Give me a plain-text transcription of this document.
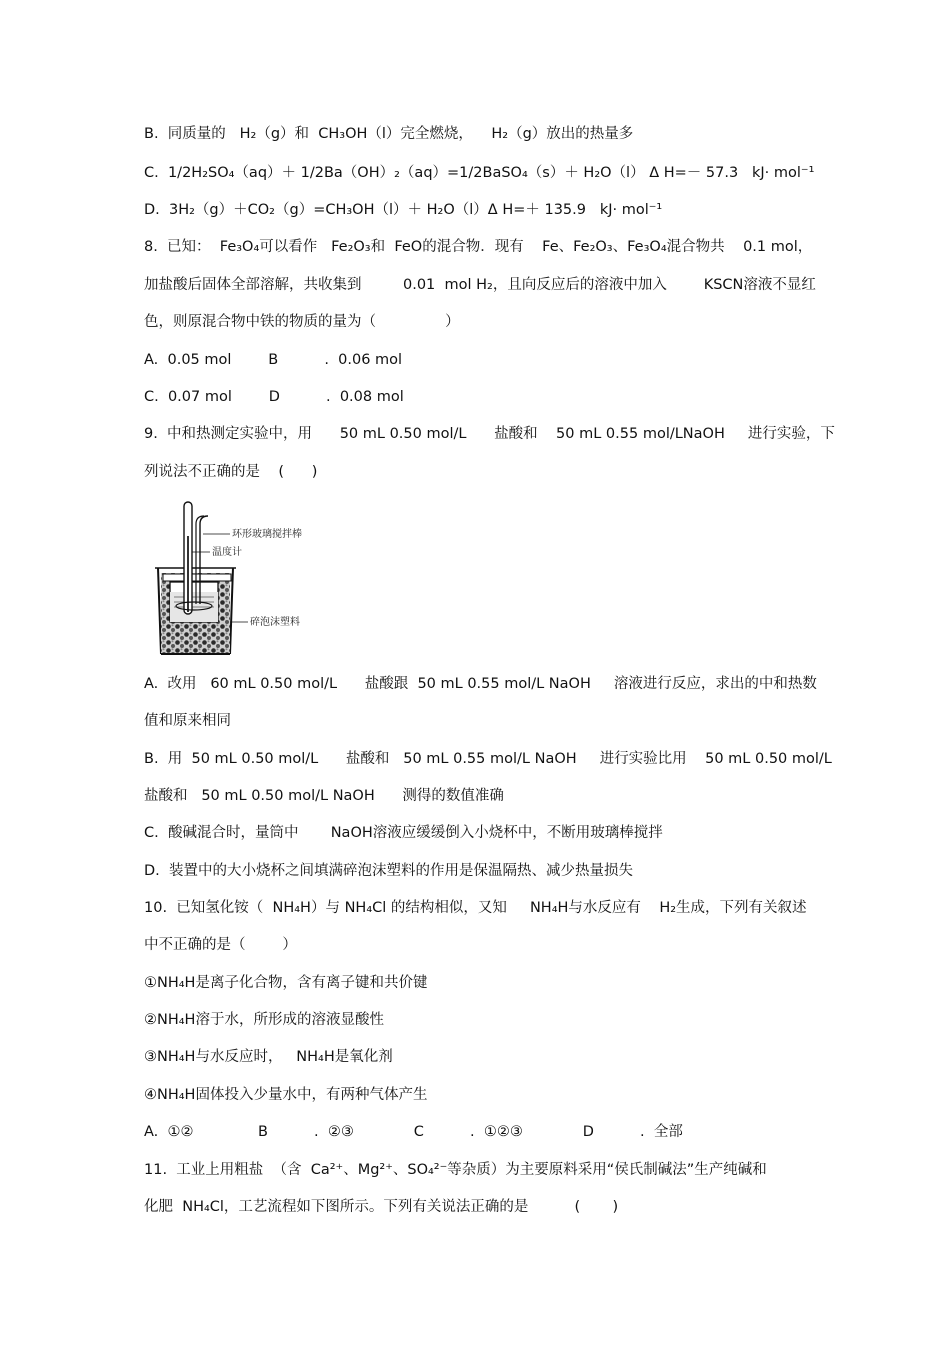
B.  同质量的   H₂（g）和  CH₃OH（l）完全燃烧，    H₂（g）放出的热量多
C.  1/2H₂SO₄（aq）＋ 1/2Ba（OH）₂（aq）=1/2BaSO₄（s）＋ H₂O（l） Δ H=－ 57.3   kJ· mol⁻¹
D.  3H₂（g）＋CO₂（g）=CH₃OH（l）＋ H₂O（l）Δ H=＋ 135.9   kJ· mol⁻¹
8.  已知：  Fe₃O₄可以看作   Fe₂O₃和  FeO的混合物．现有    Fe、Fe₂O₃、Fe₃O₄混合物共    0.1 mol，
加盐酸后固体全部溶解，共收集到         0.01  mol H₂，且向反应后的溶液中加入        KSCN溶液不显红
色，则原混合物中铁的物质的量为（               ）
A.  0.05 mol        B          .  0.06 mol
C.  0.07 mol        D          .  0.08 mol
9.  中和热测定实验中，用      50 mL 0.50 mol/L      盐酸和    50 mL 0.55 mol/LNaOH     进行实验，下
列说法不正确的是    (      )
环形玻璃搅拌棒
温度计
碎泡沫塑料
A.  改用   60 mL 0.50 mol/L      盐酸跟  50 mL 0.55 mol/L NaOH     溶液进行反应，求出的中和热数
值和原来相同
B.  用  50 mL 0.50 mol/L      盐酸和   50 mL 0.55 mol/L NaOH     进行实验比用    50 mL 0.50 mol/L
盐酸和   50 mL 0.50 mol/L NaOH      测得的数值准确
C.  酸碱混合时，量筒中       NaOH溶液应缓缓倒入小烧杯中，不断用玻璃棒搅拌
D.  装置中的大小烧杯之间填满碎泡沫塑料的作用是保温隔热、减少热量损失
10.  已知氢化铵（  NH₄H）与 NH₄Cl 的结构相似，又知     NH₄H与水反应有    H₂生成，下列有关叙述
中不正确的是（        ）
①NH₄H是离子化合物，含有离子键和共价键
②NH₄H溶于水，所形成的溶液显酸性
③NH₄H与水反应时，   NH₄H是氧化剂
④NH₄H固体投入少量水中，有两种气体产生
A.  ①②              B          .  ②③             C          .  ①②③             D          .  全部
11.  工业上用粗盐  （含  Ca²⁺、Mg²⁺、SO₄²⁻等杂质）为主要原料采用“侯氏制碱法”生产纯碱和
化肥  NH₄Cl，工艺流程如下图所示。下列有关说法正确的是          (       )
